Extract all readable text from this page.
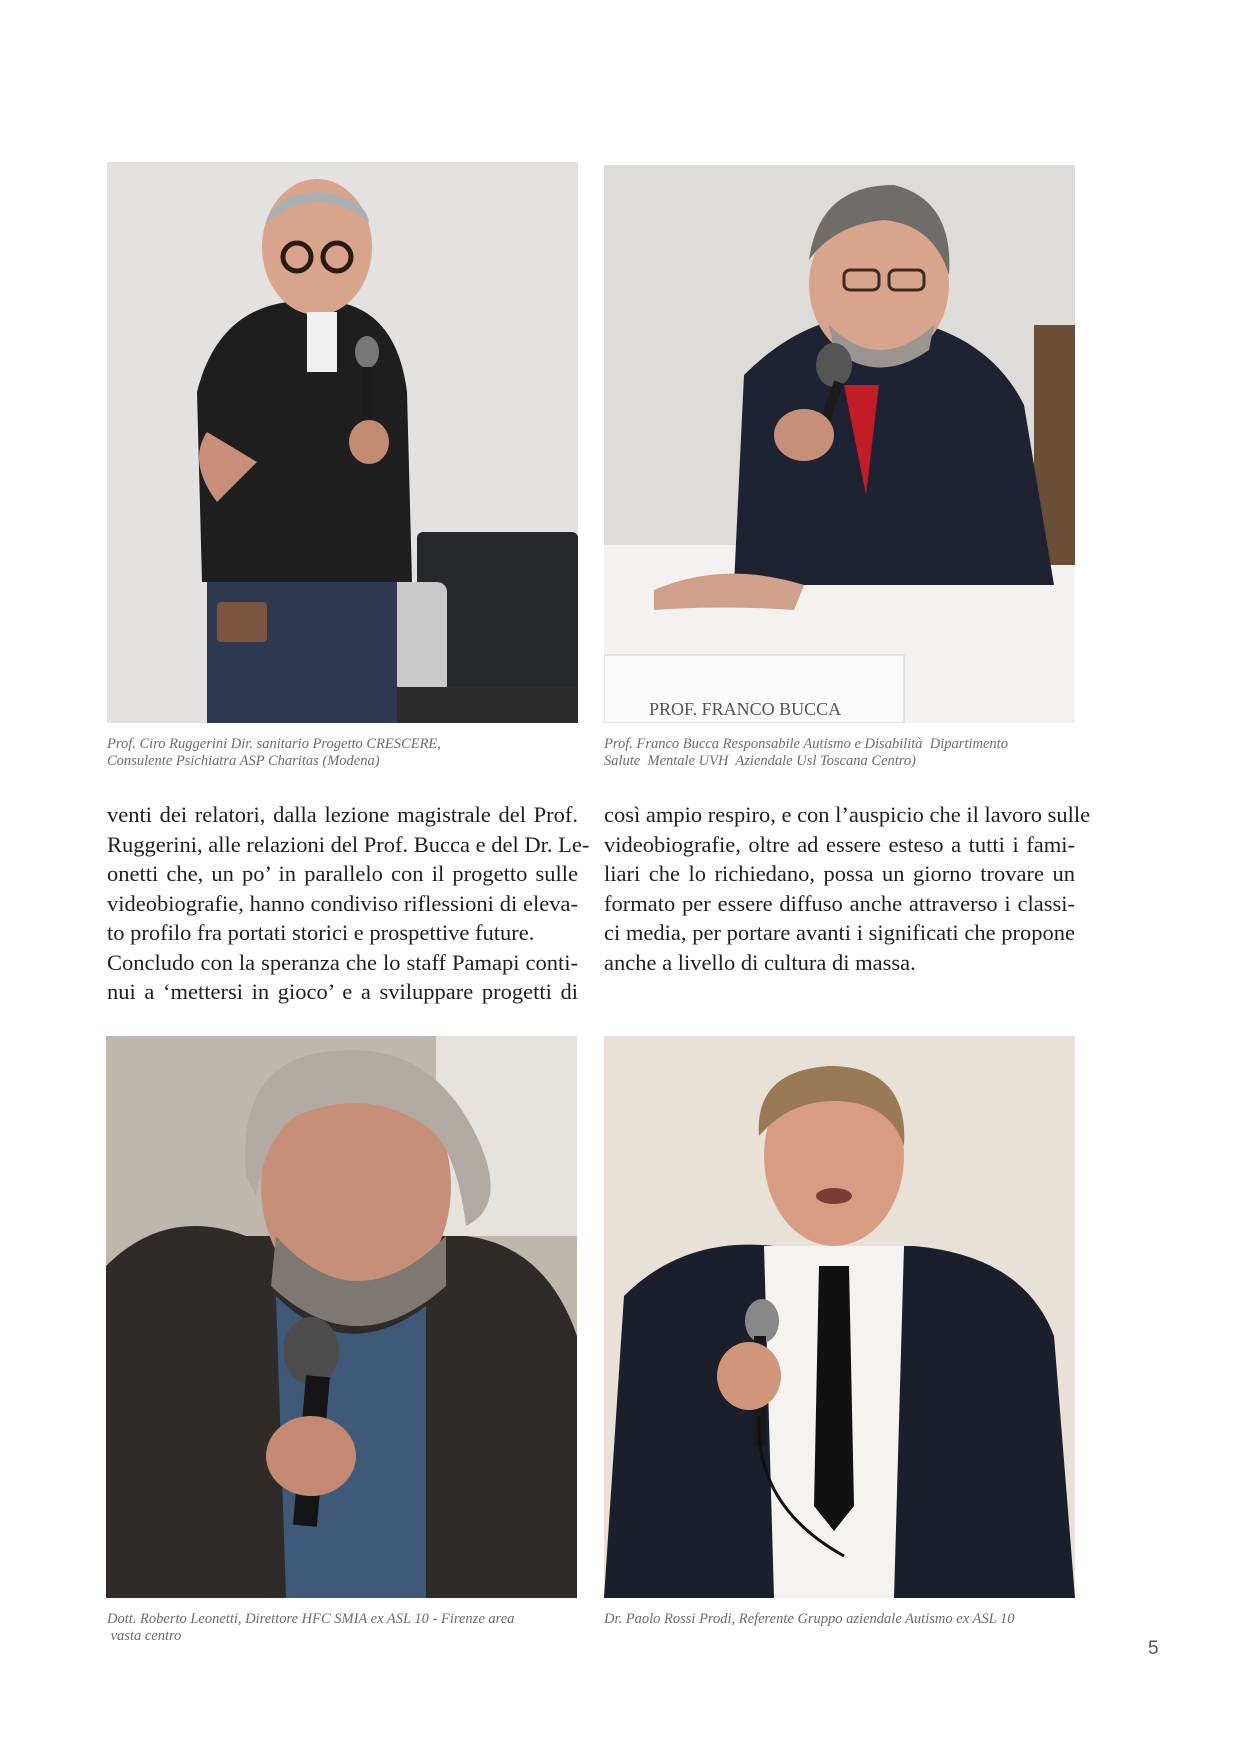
Prof. Ciro Ruggerini Dir. sanitario Progetto CRESCERE,
Consulente Psichiatra ASP Charitas (Modena)

PROF. FRANCO BUCCA

Prof. Franco Bucca Responsabile Autismo e Disabilità  Dipartimento
Salute  Mentale UVH  Aziendale Usl Toscana Centro)

venti dei relatori, dalla lezione magistrale del Prof.
Ruggerini, alle relazioni del Prof. Bucca e del Dr. Le-
onetti che, un po’ in parallelo con il progetto sulle
videobiografie, hanno condiviso riflessioni di eleva-
to profilo fra portati storici e prospettive future.
Concludo con la speranza che lo staff Pamapi conti-
nui a ‘mettersi in gioco’ e a sviluppare progetti di
così ampio respiro, e con l’auspicio che il lavoro sulle
videobiografie, oltre ad essere esteso a tutti i fami-
liari che lo richiedano, possa un giorno trovare un
formato per essere diffuso anche attraverso i classi-
ci media, per portare avanti i significati che propone
anche a livello di cultura di massa.

Dott. Roberto Leonetti, Direttore HFC SMIA ex ASL 10 - Firenze area
vasta centro

Dr. Paolo Rossi Prodi, Referente Gruppo aziendale Autismo ex ASL 10

5
